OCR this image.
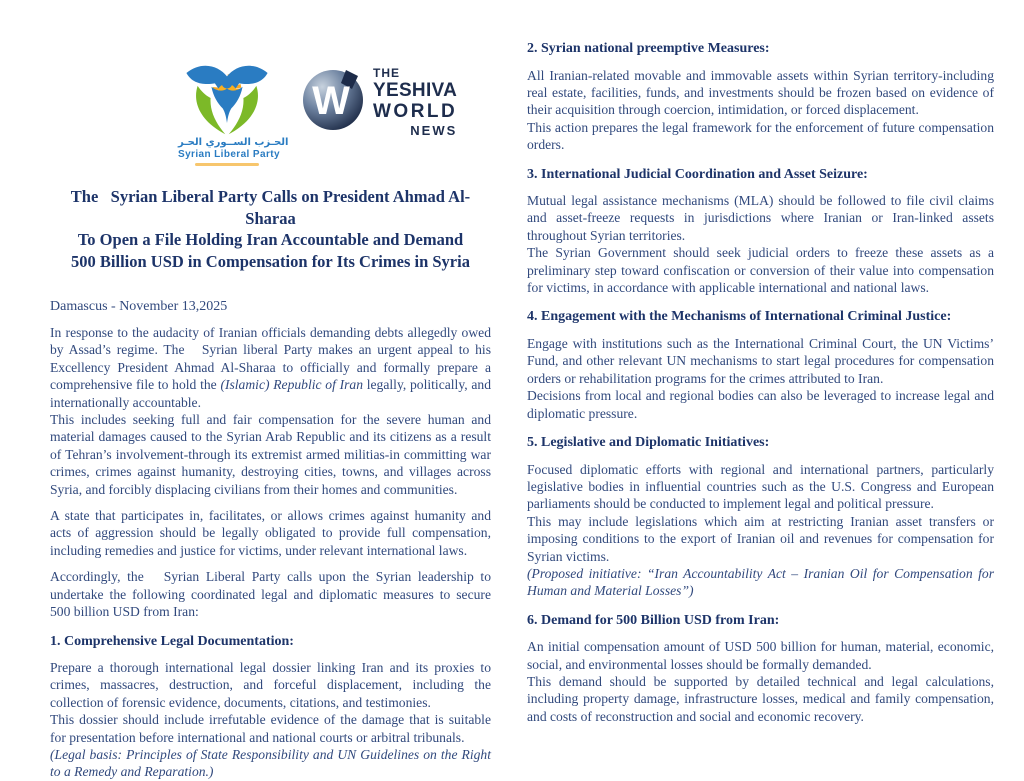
الحـزب الســوري الحـر
Syrian Liberal Party
W
THE
YESHIVA
WORLD
NEWS
The   Syrian Liberal Party Calls on President Ahmad Al-Sharaa
To Open a File Holding Iran Accountable and Demand
500 Billion USD in Compensation for Its Crimes in Syria
Damascus - November 13,2025

In response to the audacity of Iranian officials demanding debts allegedly owed by Assad’s regime. The   Syrian liberal Party makes an urgent appeal to his Excellency President Ahmad Al-Sharaa to officially and formally prepare a comprehensive file to hold the (Islamic) Republic of Iran legally, politically, and internationally accountable.
This includes seeking full and fair compensation for the severe human and material damages caused to the Syrian Arab Republic and its citizens as a result of Tehran’s involvement-through its extremist armed militias-in committing war crimes, crimes against humanity, destroying cities, towns, and villages across Syria, and forcibly displacing civilians from their homes and communities.

A state that participates in, facilitates, or allows crimes against humanity and acts of aggression should be legally obligated to provide full compensation, including remedies and justice for victims, under relevant international laws.

Accordingly, the   Syrian Liberal Party calls upon the Syrian leadership to undertake the following coordinated legal and diplomatic measures to secure 500 billion USD from Iran:

1. Comprehensive Legal Documentation:

Prepare a thorough international legal dossier linking Iran and its proxies to crimes, massacres, destruction, and forceful displacement, including the collection of forensic evidence, documents, citations, and testimonies.
This dossier should include irrefutable evidence of the damage that is suitable for presentation before international and national courts or arbitral tribunals.
(Legal basis: Principles of State Responsibility and UN Guidelines on the Right to a Remedy and Reparation.)

2. Syrian national preemptive Measures:

All Iranian-related movable and immovable assets within Syrian territory-including real estate, facilities, funds, and investments should be frozen based on evidence of their acquisition through coercion, intimidation, or forced displacement.
This action prepares the legal framework for the enforcement of future compensation orders.

3. International Judicial Coordination and Asset Seizure:

Mutual legal assistance mechanisms (MLA) should be followed to file civil claims and asset-freeze requests in jurisdictions where Iranian or Iran-linked assets throughout Syrian territories.
The Syrian Government should seek judicial orders to freeze these assets as a preliminary step toward confiscation or conversion of their value into compensation for victims, in accordance with applicable international and national laws.

4. Engagement with the Mechanisms of International Criminal Justice:

Engage with institutions such as the International Criminal Court, the UN Victims’ Fund, and other relevant UN mechanisms to start legal procedures for compensation orders or rehabilitation programs for the crimes attributed to Iran.
Decisions from local and regional bodies can also be leveraged to increase legal and diplomatic pressure.

5. Legislative and Diplomatic Initiatives:

Focused diplomatic efforts with regional and international partners, particularly legislative bodies in influential countries such as the U.S. Congress and European parliaments should be conducted to implement legal and political pressure.
This may include legislations which aim at restricting Iranian asset transfers or imposing conditions to the export of Iranian oil and revenues for compensation for Syrian victims.
(Proposed initiative: “Iran Accountability Act – Iranian Oil for Compensation for Human and Material Losses”)

6. Demand for 500 Billion USD from Iran:

An initial compensation amount of USD 500 billion for human, material, economic, social, and environmental losses should be formally demanded.
This demand should be supported by detailed technical and legal calculations, including property damage, infrastructure losses, medical and family compensation, and costs of reconstruction and social and economic recovery.
